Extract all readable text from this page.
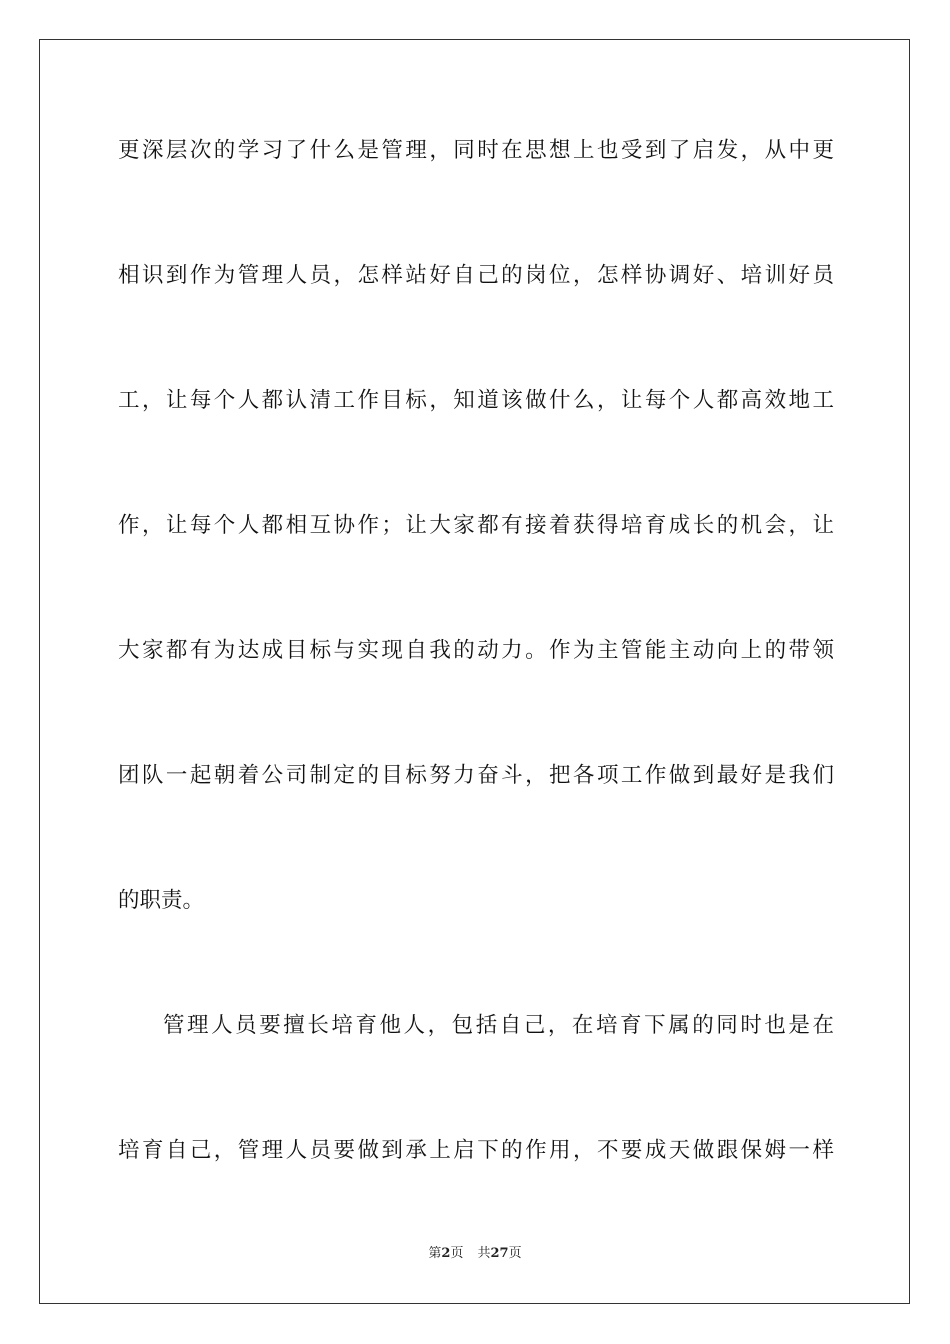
更深层次的学习了什么是管理，同时在思想上也受到了启发，从中更
相识到作为管理人员，怎样站好自己的岗位，怎样协调好、培训好员
工，让每个人都认清工作目标，知道该做什么，让每个人都高效地工
作，让每个人都相互协作；让大家都有接着获得培育成长的机会，让
大家都有为达成目标与实现自我的动力。作为主管能主动向上的带领
团队一起朝着公司制定的目标努力奋斗，把各项工作做到最好是我们
的职责。
管理人员要擅长培育他人，包括自己，在培育下属的同时也是在
培育自己，管理人员要做到承上启下的作用，不要成天做跟保姆一样
第2页 共27页
